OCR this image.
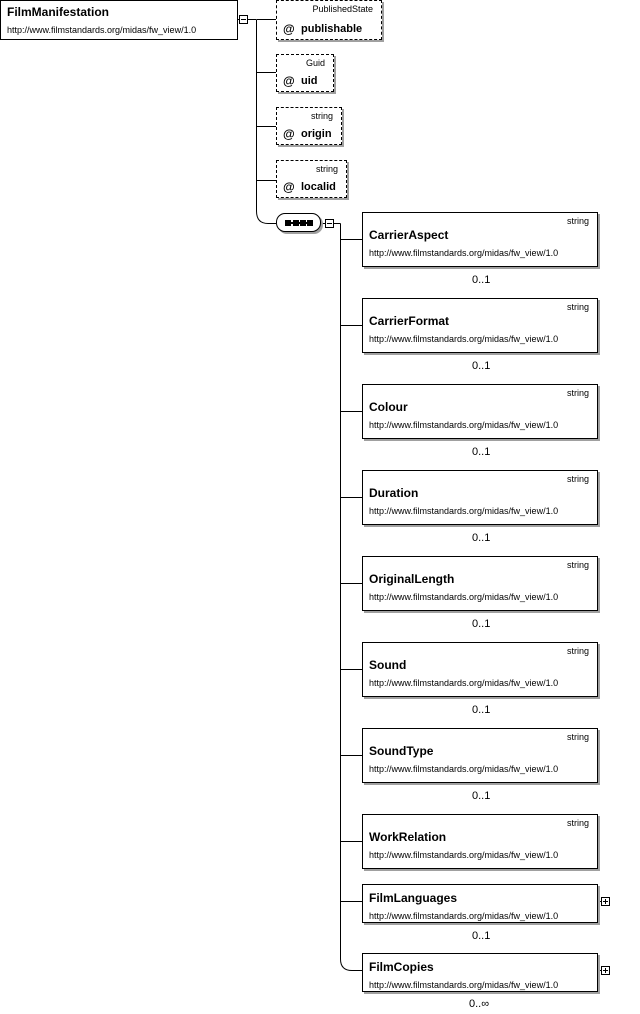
FilmManifestation
http://www.filmstandards.org/midas/fw_view/1.0
PublishedState
@ publishable
Guid
@ uid
string
@ origin
string
@ localid
string
CarrierAspect
http://www.filmstandards.org/midas/fw_view/1.0
0..1
string
CarrierFormat
http://www.filmstandards.org/midas/fw_view/1.0
0..1
string
Colour
http://www.filmstandards.org/midas/fw_view/1.0
0..1
string
Duration
http://www.filmstandards.org/midas/fw_view/1.0
0..1
string
OriginalLength
http://www.filmstandards.org/midas/fw_view/1.0
0..1
string
Sound
http://www.filmstandards.org/midas/fw_view/1.0
0..1
string
SoundType
http://www.filmstandards.org/midas/fw_view/1.0
0..1
string
WorkRelation
http://www.filmstandards.org/midas/fw_view/1.0
FilmLanguages
http://www.filmstandards.org/midas/fw_view/1.0
0..1
FilmCopies
http://www.filmstandards.org/midas/fw_view/1.0
0..∞
